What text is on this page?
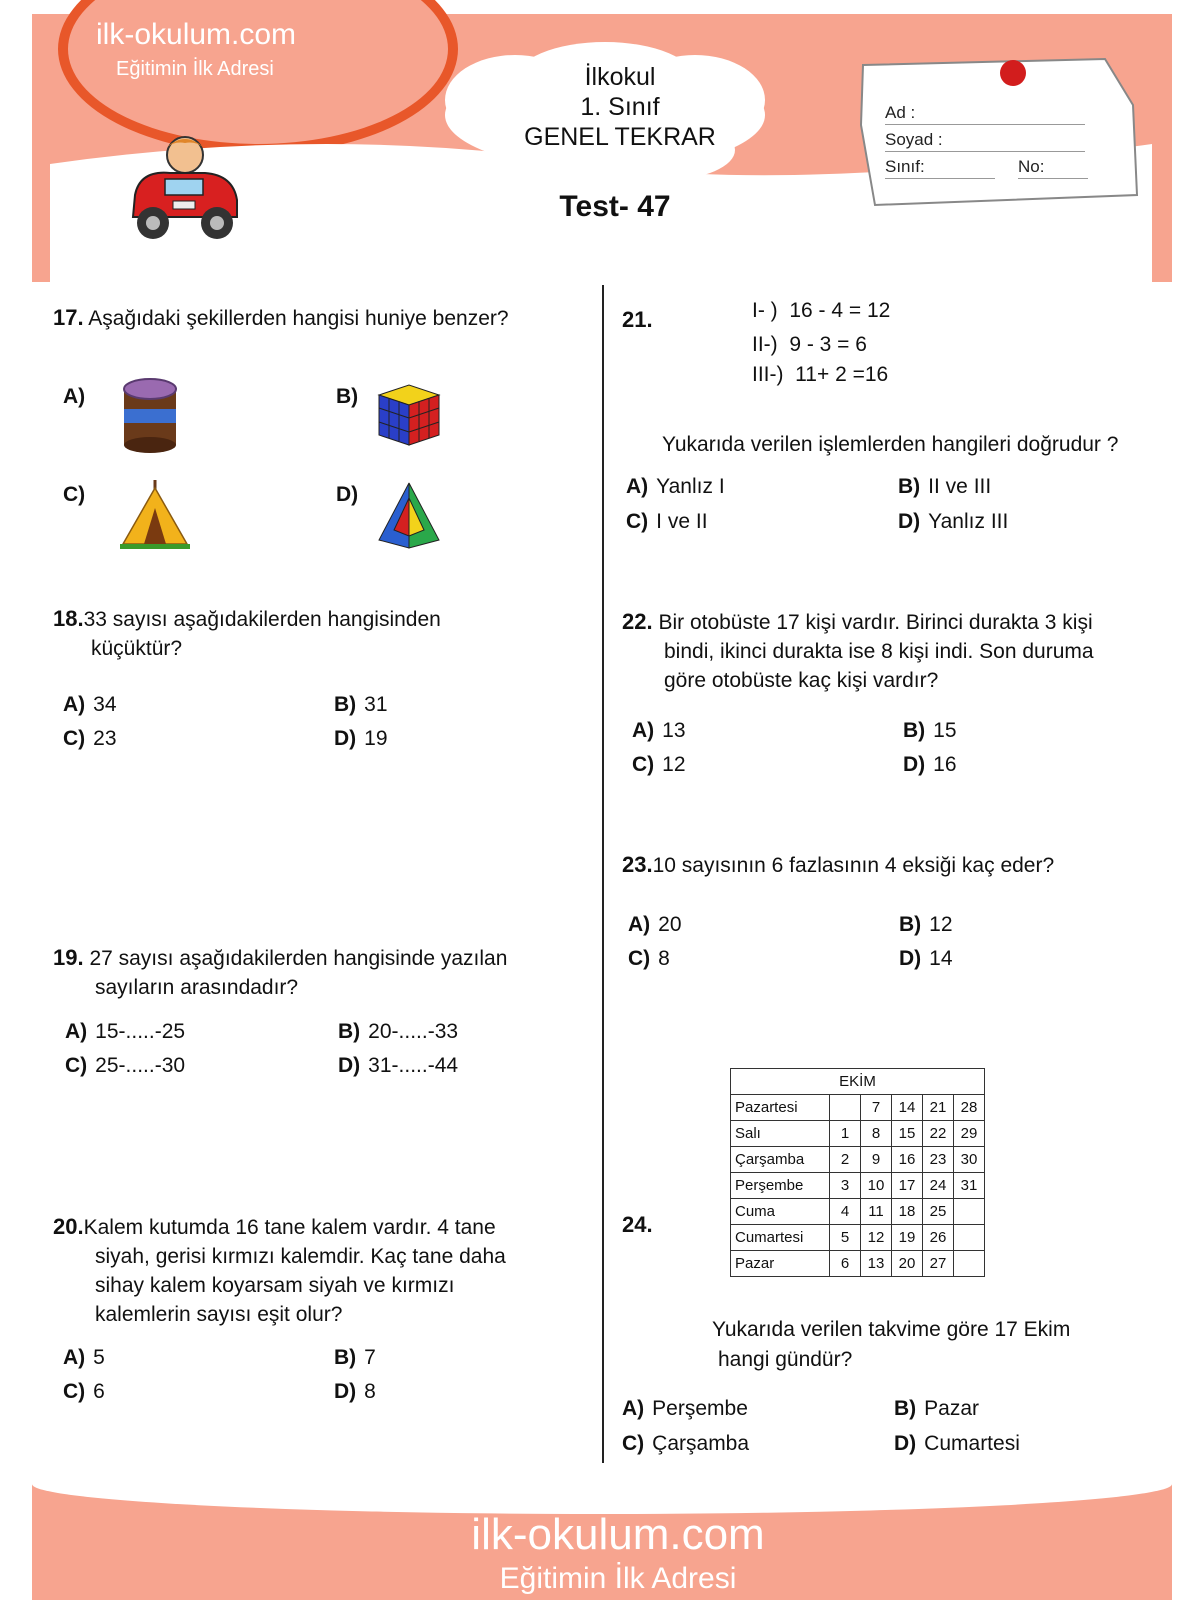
ilk-okulum.com
Eğitimin İlk Adresi	İlkokul
1. Sınıf
GENEL TEKRAR
Test- 47
Ad :
Soyad :
Sınıf:	No:
17. Aşağıdaki şekillerden hangisi huniye benzer?
A)	B)
C)	D)
18.33 sayısı aşağıdakilerden hangisinden
küçüktür?
A) 34	B) 31
C) 23	D) 19
19. 27 sayısı aşağıdakilerden hangisinde yazılan
sayıların arasındadır?
A) 15-.....-25	B) 20-.....-33
C) 25-.....-30	D) 31-.....-44
20.Kalem kutumda 16 tane kalem vardır. 4 tane
siyah, gerisi kırmızı kalemdir. Kaç tane daha
sihay kalem koyarsam siyah ve kırmızı
kalemlerin sayısı eşit olur?
A) 5	B) 7
C) 6	D) 8
21.	I- ) 16 - 4 = 12
II-) 9 - 3 = 6
III-) 11+ 2 =16
Yukarıda verilen işlemlerden hangileri doğrudur ?
A) Yanlız I	B) II ve III
C) I ve II	D) Yanlız III
22. Bir otobüste 17 kişi vardır. Birinci durakta 3 kişi
bindi, ikinci durakta ise 8 kişi indi. Son duruma
göre otobüste kaç kişi vardır?
A) 13	B) 15
C) 12	D) 16
23.10 sayısının 6 fazlasının 4 eksiği kaç eder?
A) 20	B) 12
C) 8	D) 14
24.
EKİM					
Pazartesi		7	14	21	28
Salı	1	8	15	22	29
Çarşamba	2	9	16	23	30
Perşembe	3	10	17	24	31
Cuma	4	11	18	25	
Cumartesi	5	12	19	26	
Pazar	6	13	20	27	
Yukarıda verilen takvime göre 17 Ekim
hangi gündür?
A) Perşembe	B) Pazar
C) Çarşamba	D) Cumartesi
ilk-okulum.com
Eğitimin İlk Adresi
